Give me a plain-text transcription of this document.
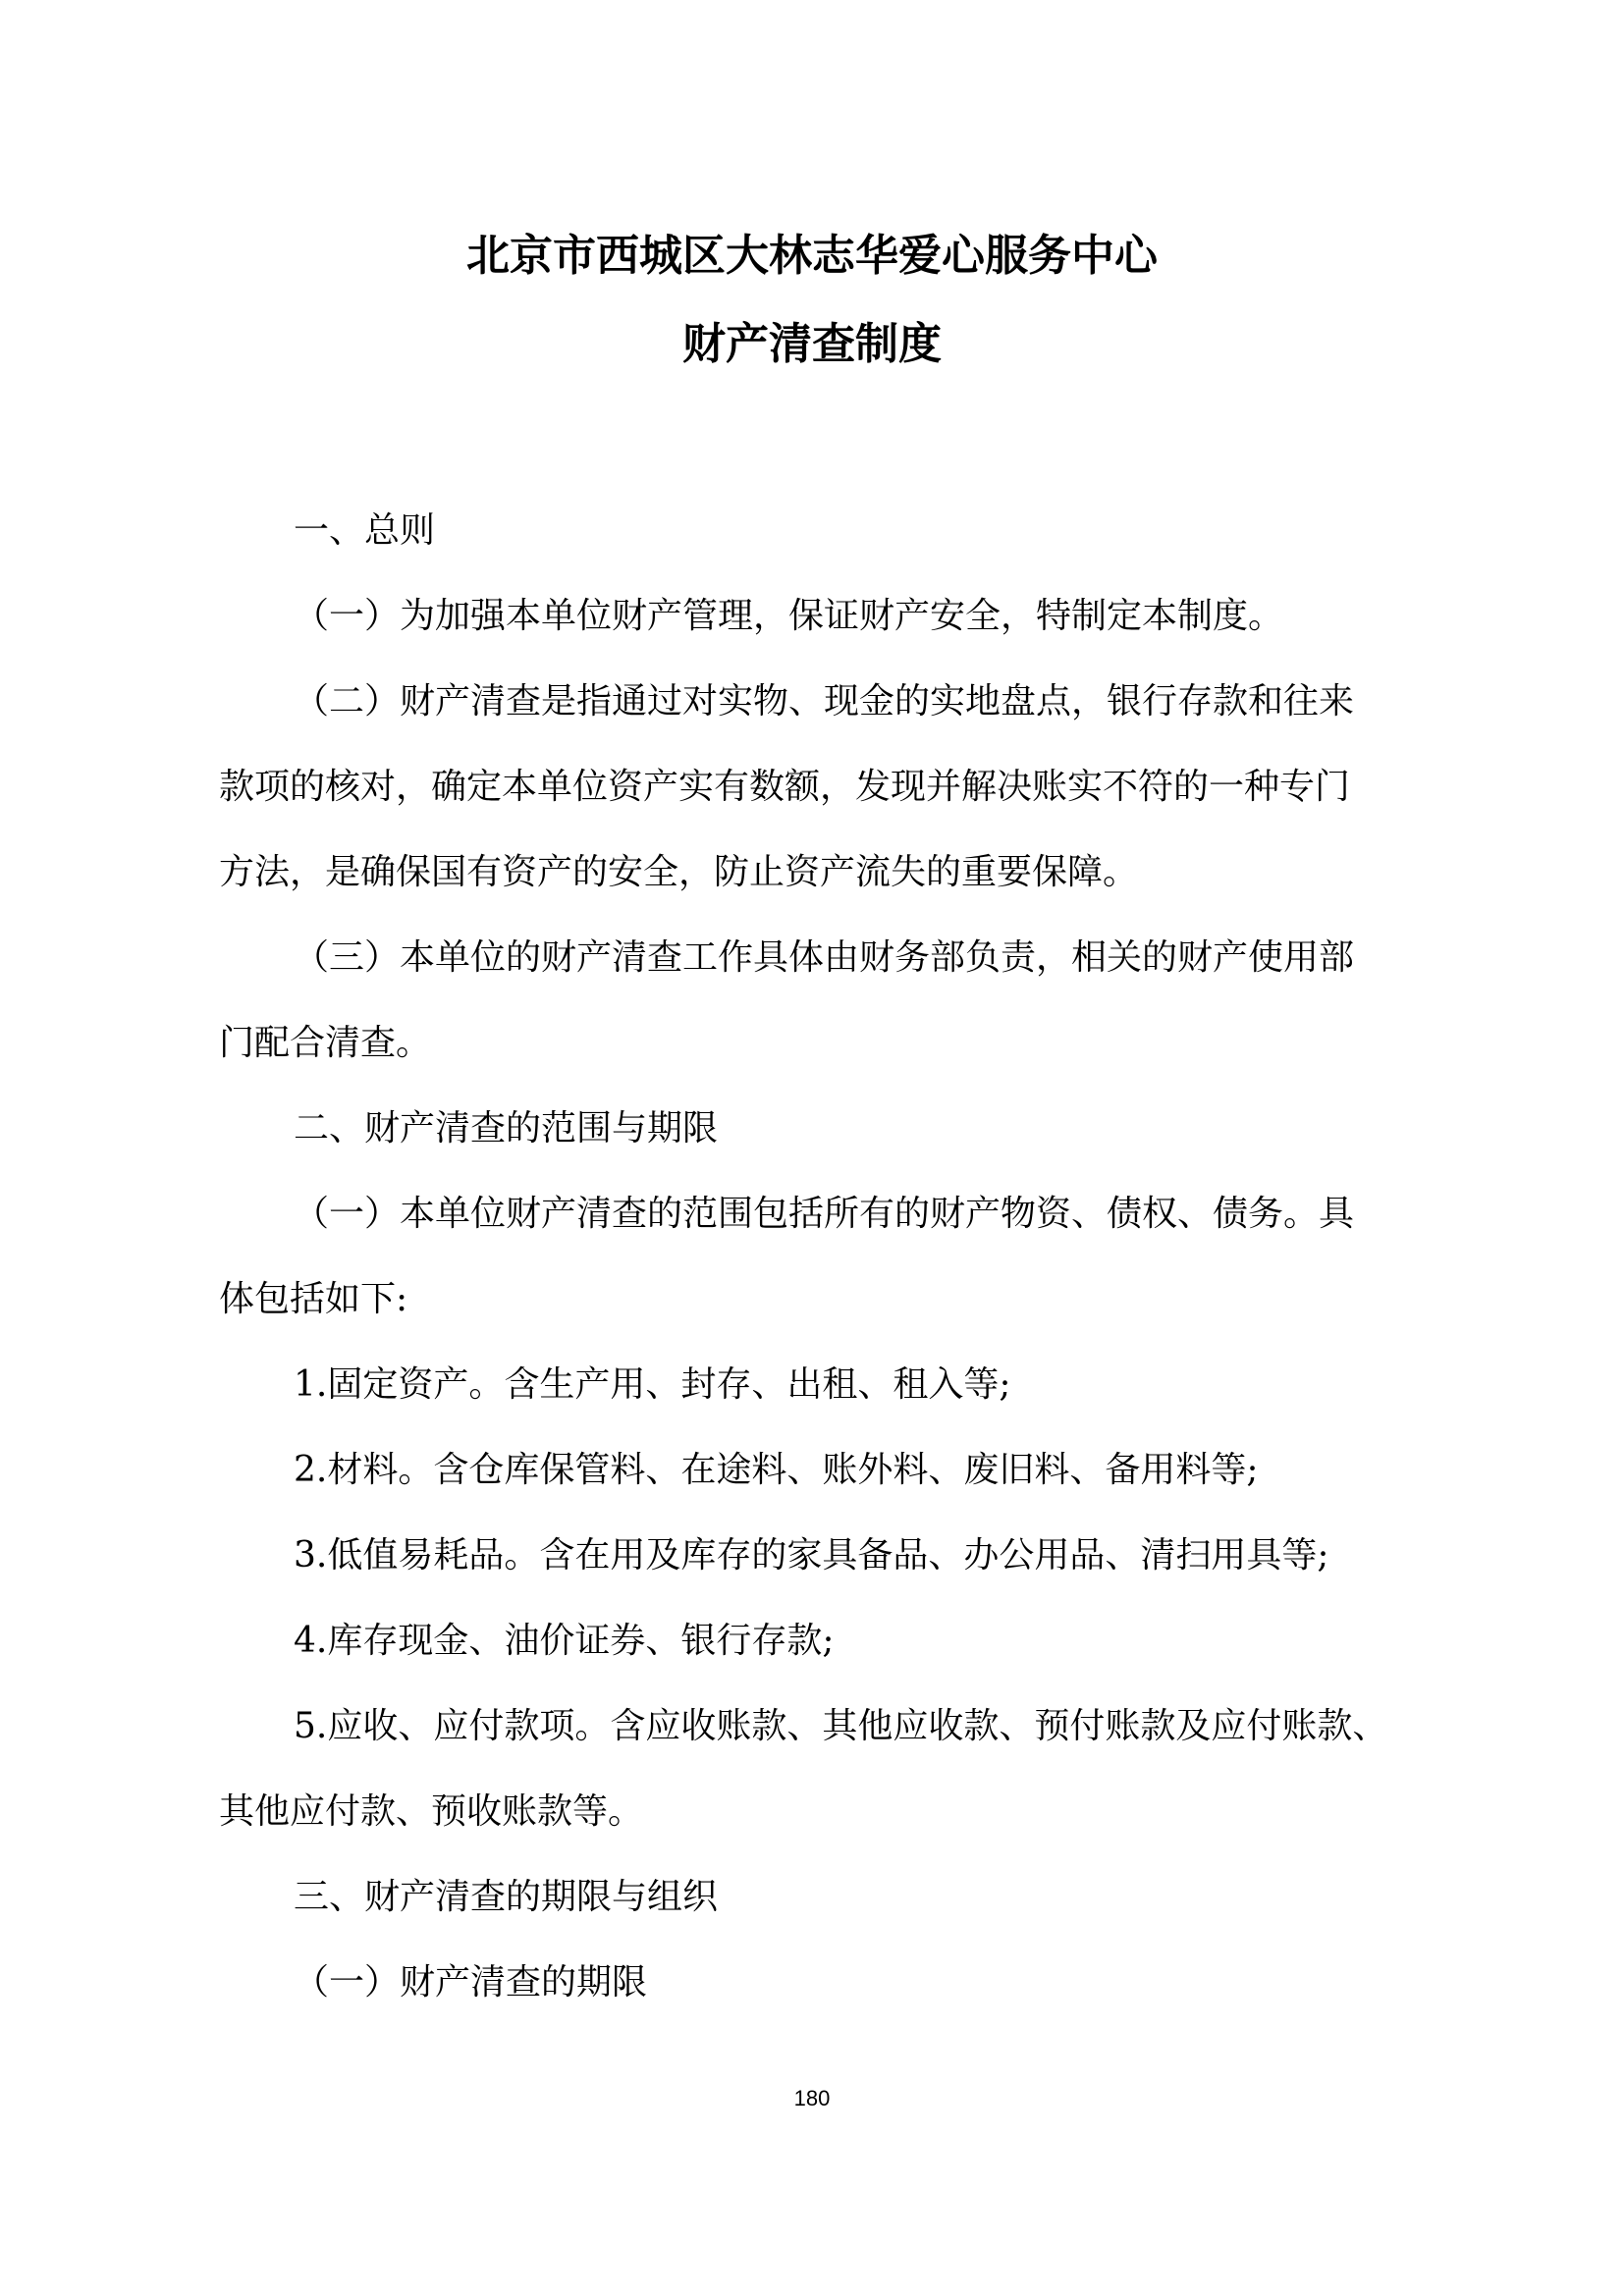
北京市西城区大林志华爱心服务中心
财产清查制度
一、总则
（一）为加强本单位财产管理，保证财产安全，特制定本制度。
（二）财产清查是指通过对实物、现金的实地盘点，银行存款和往来
款项的核对，确定本单位资产实有数额，发现并解决账实不符的一种专门
方法，是确保国有资产的安全，防止资产流失的重要保障。
（三）本单位的财产清查工作具体由财务部负责，相关的财产使用部
门配合清查。
二、财产清查的范围与期限
（一）本单位财产清查的范围包括所有的财产物资、债权、债务。具
体包括如下:
1.固定资产。含生产用、封存、出租、租入等;
2.材料。含仓库保管料、在途料、账外料、废旧料、备用料等;
3.低值易耗品。含在用及库存的家具备品、办公用品、清扫用具等;
4.库存现金、油价证券、银行存款;
5.应收、应付款项。含应收账款、其他应收款、预付账款及应付账款、
其他应付款、预收账款等。
三、财产清查的期限与组织
（一）财产清查的期限
180
